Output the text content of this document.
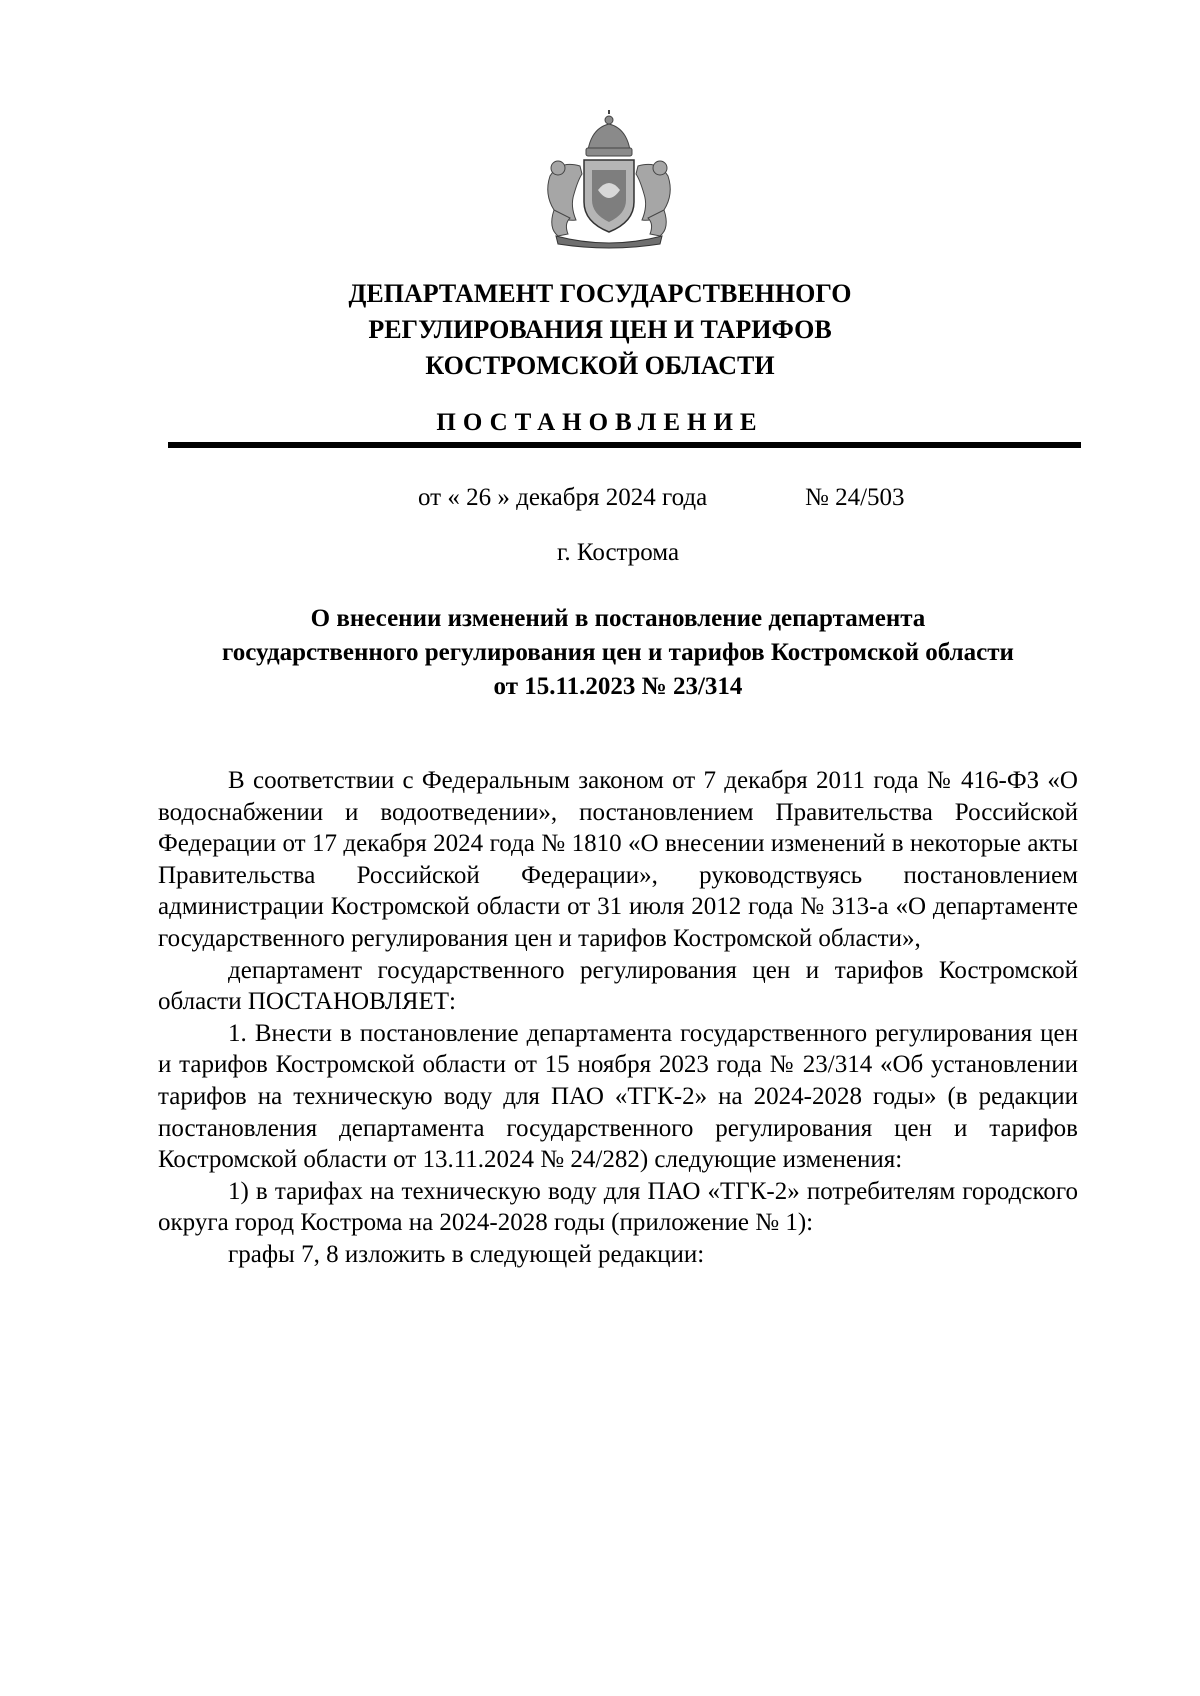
ДЕПАРТАМЕНТ ГОСУДАРСТВЕННОГО
РЕГУЛИРОВАНИЯ ЦЕН И ТАРИФОВ
КОСТРОМСКОЙ ОБЛАСТИ
ПОСТАНОВЛЕНИЕ
от « 26 » декабря 2024 года	№ 24/503
г. Кострома
О внесении изменений в постановление департамента
государственного регулирования цен и тарифов Костромской области
от 15.11.2023 № 23/314

В соответствии с Федеральным законом от 7 декабря 2011 года № 416-ФЗ «О водоснабжении и водоотведении», постановлением Правительства Российской Федерации от 17 декабря 2024 года № 1810 «О внесении изменений в некоторые акты Правительства Российской Федерации», руководствуясь постановлением администрации Костромской области от 31 июля 2012 года № 313-а «О департаменте государственного регулирования цен и тарифов Костромской области»,

департамент государственного регулирования цен и тарифов Костромской области ПОСТАНОВЛЯЕТ:

1. Внести в постановление департамента государственного регулирования цен и тарифов Костромской области от 15 ноября 2023 года № 23/314 «Об установлении тарифов на техническую воду для ПАО «ТГК-2» на 2024-2028 годы» (в редакции постановления департамента государственного регулирования цен и тарифов Костромской области от 13.11.2024 № 24/282) следующие изменения:

1) в тарифах на техническую воду для ПАО «ТГК-2» потребителям городского округа город Кострома на 2024-2028 годы (приложение № 1):

графы 7, 8 изложить в следующей редакции:
